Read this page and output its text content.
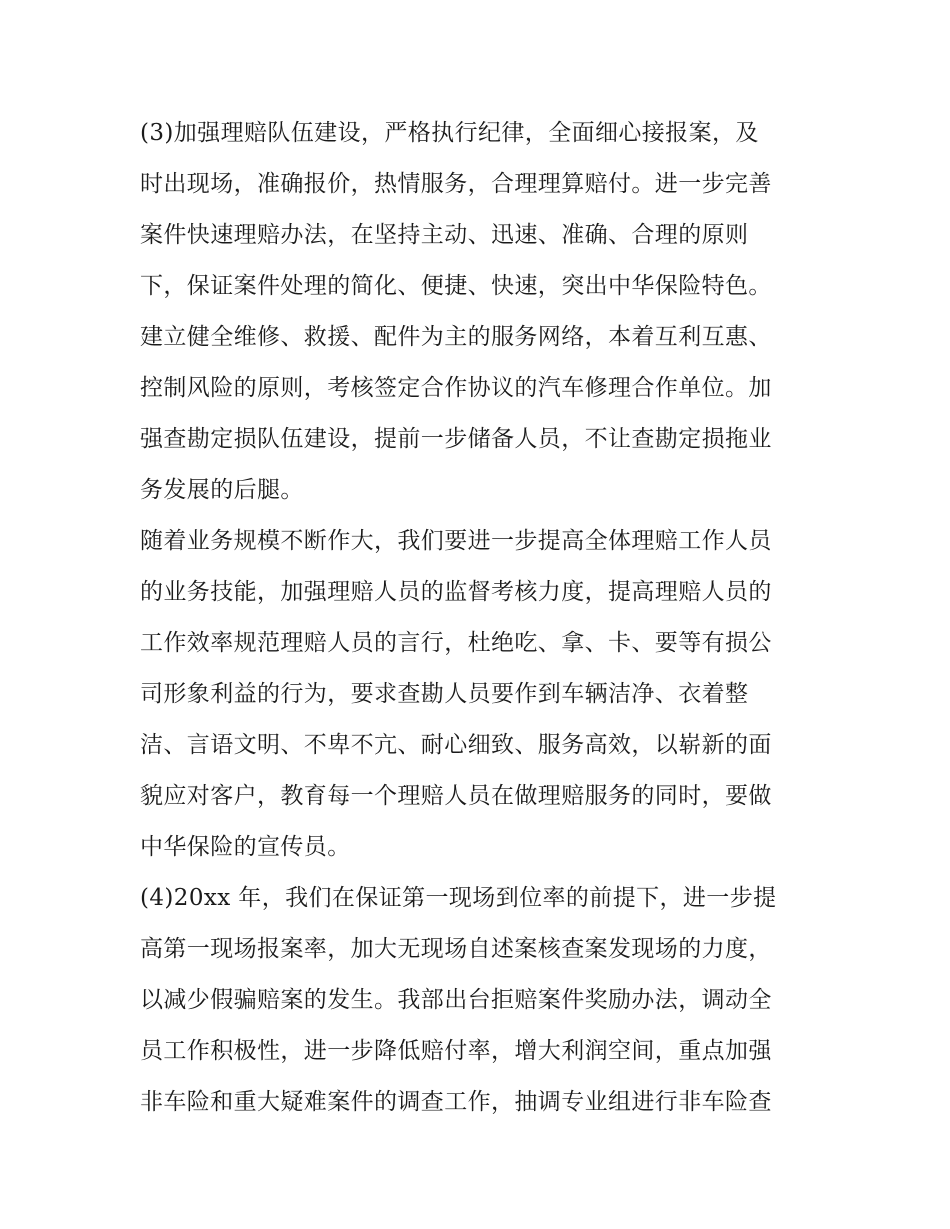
(3)加强理赔队伍建设，严格执行纪律，全面细心接报案，及
时出现场，准确报价，热情服务，合理理算赔付。进一步完善
案件快速理赔办法，在坚持主动、迅速、准确、合理的原则
下，保证案件处理的简化、便捷、快速，突出中华保险特色。
建立健全维修、救援、配件为主的服务网络，本着互利互惠、
控制风险的原则，考核签定合作协议的汽车修理合作单位。加
强查勘定损队伍建设，提前一步储备人员，不让查勘定损拖业
务发展的后腿。
随着业务规模不断作大，我们要进一步提高全体理赔工作人员
的业务技能，加强理赔人员的监督考核力度，提高理赔人员的
工作效率规范理赔人员的言行，杜绝吃、拿、卡、要等有损公
司形象利益的行为，要求查勘人员要作到车辆洁净、衣着整
洁、言语文明、不卑不亢、耐心细致、服务高效，以崭新的面
貌应对客户，教育每一个理赔人员在做理赔服务的同时，要做
中华保险的宣传员。
(4)20xx 年，我们在保证第一现场到位率的前提下，进一步提
高第一现场报案率，加大无现场自述案核查案发现场的力度，
以减少假骗赔案的发生。我部出台拒赔案件奖励办法，调动全
员工作积极性，进一步降低赔付率，增大利润空间，重点加强
非车险和重大疑难案件的调查工作，抽调专业组进行非车险查
